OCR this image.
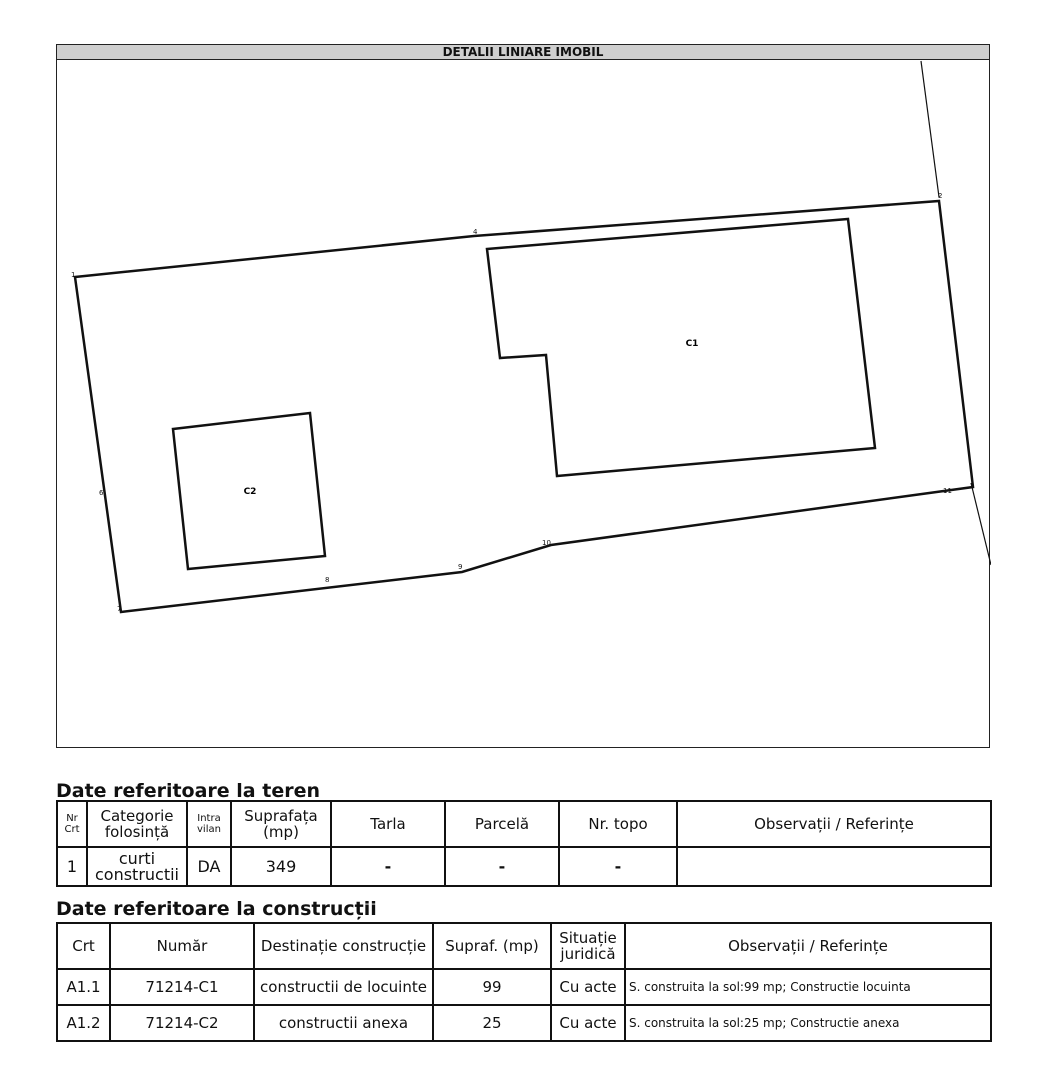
C1
C2
2
4
1
6
7
8
9
10
11
DETALII LINIARE IMOBIL
Date referitoare la teren
Nr Crt	Categorie folosință	Intra vilan	Suprafața (mp)	Tarla	Parcelă	Nr. topo	Observații / Referințe
1	curti constructii	DA	349	-	-	-	
Date referitoare la construcții
Crt	Număr	Destinație construcție	Supraf. (mp)	Situație juridică	Observații / Referințe
A1.1	71214-C1	constructii de locuinte	99	Cu acte	S. construita la sol:99 mp; Constructie locuinta
A1.2	71214-C2	constructii anexa	25	Cu acte	S. construita la sol:25 mp; Constructie anexa
